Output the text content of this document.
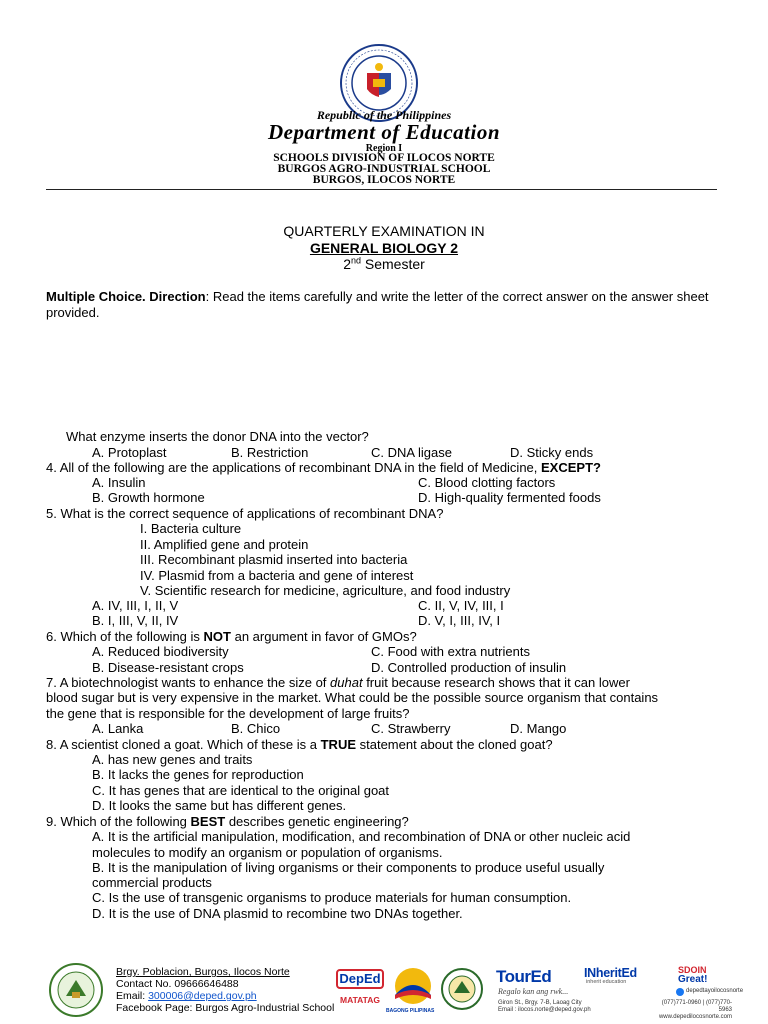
Republic of the Philippines
Department of Education
Region I
SCHOOLS DIVISION OF ILOCOS NORTE
BURGOS AGRO-INDUSTRIAL SCHOOL
BURGOS, ILOCOS NORTE
QUARTERLY EXAMINATION IN
GENERAL BIOLOGY 2
2nd Semester
Multiple Choice. Direction: Read the items carefully and write the letter of the correct answer on the answer sheet provided.
What enzyme inserts the donor DNA into the vector?
A. Protoplast	B. Restriction	C. DNA ligase	D. Sticky ends
4. All of the following are the applications of recombinant DNA in the field of Medicine, EXCEPT?
A. Insulin	C. Blood clotting factors
B. Growth hormone	D. High-quality fermented foods
5. What is the correct sequence of applications of recombinant DNA?
I. Bacteria culture
II. Amplified gene and protein
III. Recombinant plasmid inserted into bacteria
IV. Plasmid from a bacteria and gene of interest
V. Scientific research for medicine, agriculture, and food industry
A. IV, III, I, II, V	C. II, V, IV, III, I
B. I, III, V, II, IV	D. V, I, III, IV, I
6. Which of the following is NOT an argument in favor of GMOs?
A. Reduced biodiversity	C. Food with extra nutrients
B. Disease-resistant crops	D. Controlled production of insulin
7. A biotechnologist wants to enhance the size of duhat fruit because research shows that it can lower
blood sugar but is very expensive in the market. What could be the possible source organism that contains
the gene that is responsible for the development of large fruits?
A. Lanka	B. Chico	C. Strawberry	D. Mango
8. A scientist cloned a goat. Which of these is a TRUE statement about the cloned goat?
A. has new genes and traits
B. It lacks the genes for reproduction
C. It has genes that are identical to the original goat
D. It looks the same but has different genes.
9. Which of the following BEST describes genetic engineering?
A. It is the artificial manipulation, modification, and recombination of DNA or other nucleic acid
molecules to modify an organism or population of organisms.
B. It is the manipulation of living organisms or their components to produce useful usually
commercial products
C. Is the use of transgenic organisms to produce materials for human consumption.
D. It is the use of DNA plasmid to recombine two DNAs together.
Brgy. Poblacion, Burgos, Ilocos Norte
Contact No. 09666646488
Email: 300006@deped.gov.ph
Facebook Page: Burgos Agro-Industrial School
DepEd
MATATAG
BAGONG PILIPINAS
TourEd	INheritEd
inherit education
SDOIN
Great!
Regalo kan ang rwk...	depedtayoilocosnorte
Giron St., Brgy. 7-B, Laoag City
Email : ilocos.norte@deped.gov.ph
(077)771-0960 | (077)770-5963
www.depedilocosnorte.com
